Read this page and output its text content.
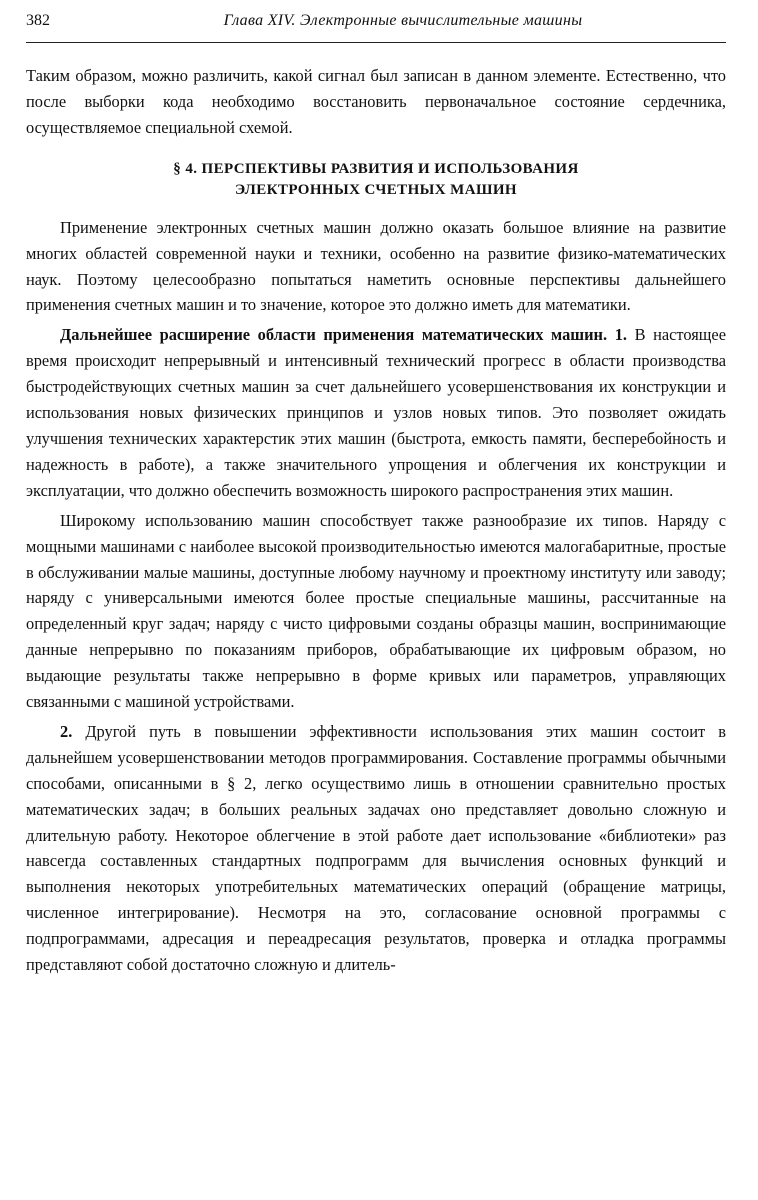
382	Глава XIV. Электронные вычислительные машины

Таким образом, можно различить, какой сигнал был записан в данном элементе. Естественно, что после выборки кода необходимо восстановить первоначальное состояние сердечника, осуществляемое специальной схемой.

§ 4. ПЕРСПЕКТИВЫ РАЗВИТИЯ И ИСПОЛЬЗОВАНИЯ
ЭЛЕКТРОННЫХ СЧЕТНЫХ МАШИН

Применение электронных счетных машин должно оказать большое влияние на развитие многих областей современной науки и техники, особенно на развитие физико-математических наук. Поэтому целесообразно попытаться наметить основные перспективы дальнейшего применения счетных машин и то значение, которое это должно иметь для математики.

Дальнейшее расширение области применения математических машин. 1. В настоящее время происходит непрерывный и интенсивный технический прогресс в области производства быстродействующих счетных машин за счет дальнейшего усовершенствования их конструкции и использования новых физических принципов и узлов новых типов. Это позволяет ожидать улучшения технических характерстик этих машин (быстрота, емкость памяти, бесперебойность и надежность в работе), а также значительного упрощения и облегчения их конструкции и эксплуатации, что должно обеспечить возможность широкого распространения этих машин.

Широкому использованию машин способствует также разнообразие их типов. Наряду с мощными машинами с наиболее высокой производительностью имеются малогабаритные, простые в обслуживании малые машины, доступные любому научному и проектному институту или заводу; наряду с универсальными имеются более простые специальные машины, рассчитанные на определенный круг задач; наряду с чисто цифровыми созданы образцы машин, воспринимающие данные непрерывно по показаниям приборов, обрабатывающие их цифровым образом, но выдающие результаты также непрерывно в форме кривых или параметров, управляющих связанными с машиной устройствами.

2. Другой путь в повышении эффективности использования этих машин состоит в дальнейшем усовершенствовании методов программирования. Составление программы обычными способами, описанными в § 2, легко осуществимо лишь в отношении сравнительно простых математических задач; в больших реальных задачах оно представляет довольно сложную и длительную работу. Некоторое облегчение в этой работе дает использование «библиотеки» раз навсегда составленных стандартных подпрограмм для вычисления основных функций и выполнения некоторых употребительных математических операций (обращение матрицы, численное интегрирование). Несмотря на это, согласование основной программы с подпрограммами, адресация и переадресация результатов, проверка и отладка программы представляют собой достаточно сложную и длитель-
